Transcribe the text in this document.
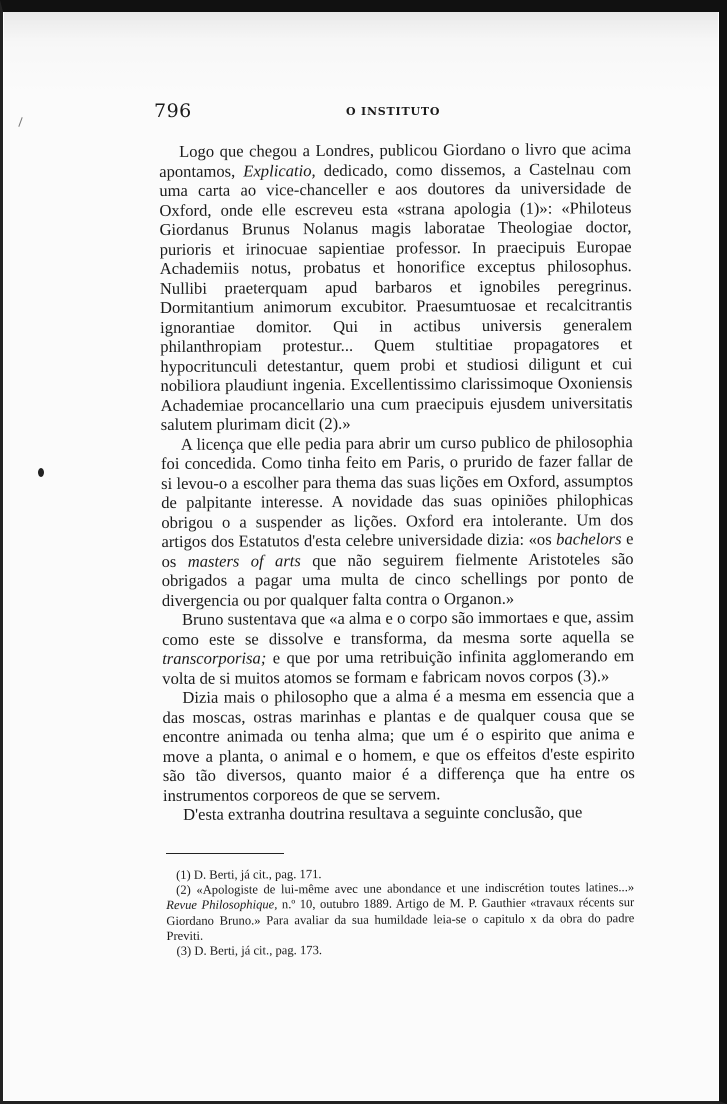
796	O INSTITUTO

Logo que chegou a Londres, publicou Giordano o livro que acima apontamos, Explicatio, dedicado, como dissemos, a Castelnau com uma carta ao vice-chanceller e aos doutores da universidade de Oxford, onde elle escreveu esta «strana apologia (1)»: «Philoteus Giordanus Brunus Nolanus magis laboratae Theologiae doctor, purioris et irinocuae sapientiae professor. In praecipuis Europae Achademiis notus, probatus et honorifice exceptus philosophus. Nullibi praeterquam apud barbaros et ignobiles peregrinus. Dormitantium animorum excubitor. Praesumtuosae et recalcitrantis ignorantiae domitor. Qui in actibus universis generalem philanthropiam protestur... Quem stultitiae propagatores et hypocritunculi detestantur, quem probi et studiosi diligunt et cui nobiliora plaudiunt ingenia. Excellentissimo clarissimoque Oxoniensis Achademiae procancellario una cum praecipuis ejusdem universitatis salutem plurimam dicit (2).»

A licença que elle pedia para abrir um curso publico de philosophia foi concedida. Como tinha feito em Paris, o prurido de fazer fallar de si levou-o a escolher para thema das suas lições em Oxford, assumptos de palpitante interesse. A novidade das suas opiniões philophicas obrigou o a suspender as lições. Oxford era intolerante. Um dos artigos dos Estatutos d'esta celebre universidade dizia: «os bachelors e os masters of arts que não seguirem fielmente Aristoteles são obrigados a pagar uma multa de cinco schellings por ponto de divergencia ou por qualquer falta contra o Organon.»

Bruno sustentava que «a alma e o corpo são immortaes e que, assim como este se dissolve e transforma, da mesma sorte aquella se transcorporisa; e que por uma retribuição infinita agglomerando em volta de si muitos atomos se formam e fabricam novos corpos (3).»

Dizia mais o philosopho que a alma é a mesma em essencia que a das moscas, ostras marinhas e plantas e de qualquer cousa que se encontre animada ou tenha alma; que um é o espirito que anima e move a planta, o animal e o homem, e que os effeitos d'este espirito são tão diversos, quanto maior é a differença que ha entre os instrumentos corporeos de que se servem.

D'esta extranha doutrina resultava a seguinte conclusão, que

(1) D. Berti, já cit., pag. 171.

(2) «Apologiste de lui-même avec une abondance et une indiscrétion toutes latines...» Revue Philosophique, n.º 10, outubro 1889. Artigo de M. P. Gauthier «travaux récents sur Giordano Bruno.» Para avaliar da sua humildade leia-se o capitulo x da obra do padre Previti.

(3) D. Berti, já cit., pag. 173.
